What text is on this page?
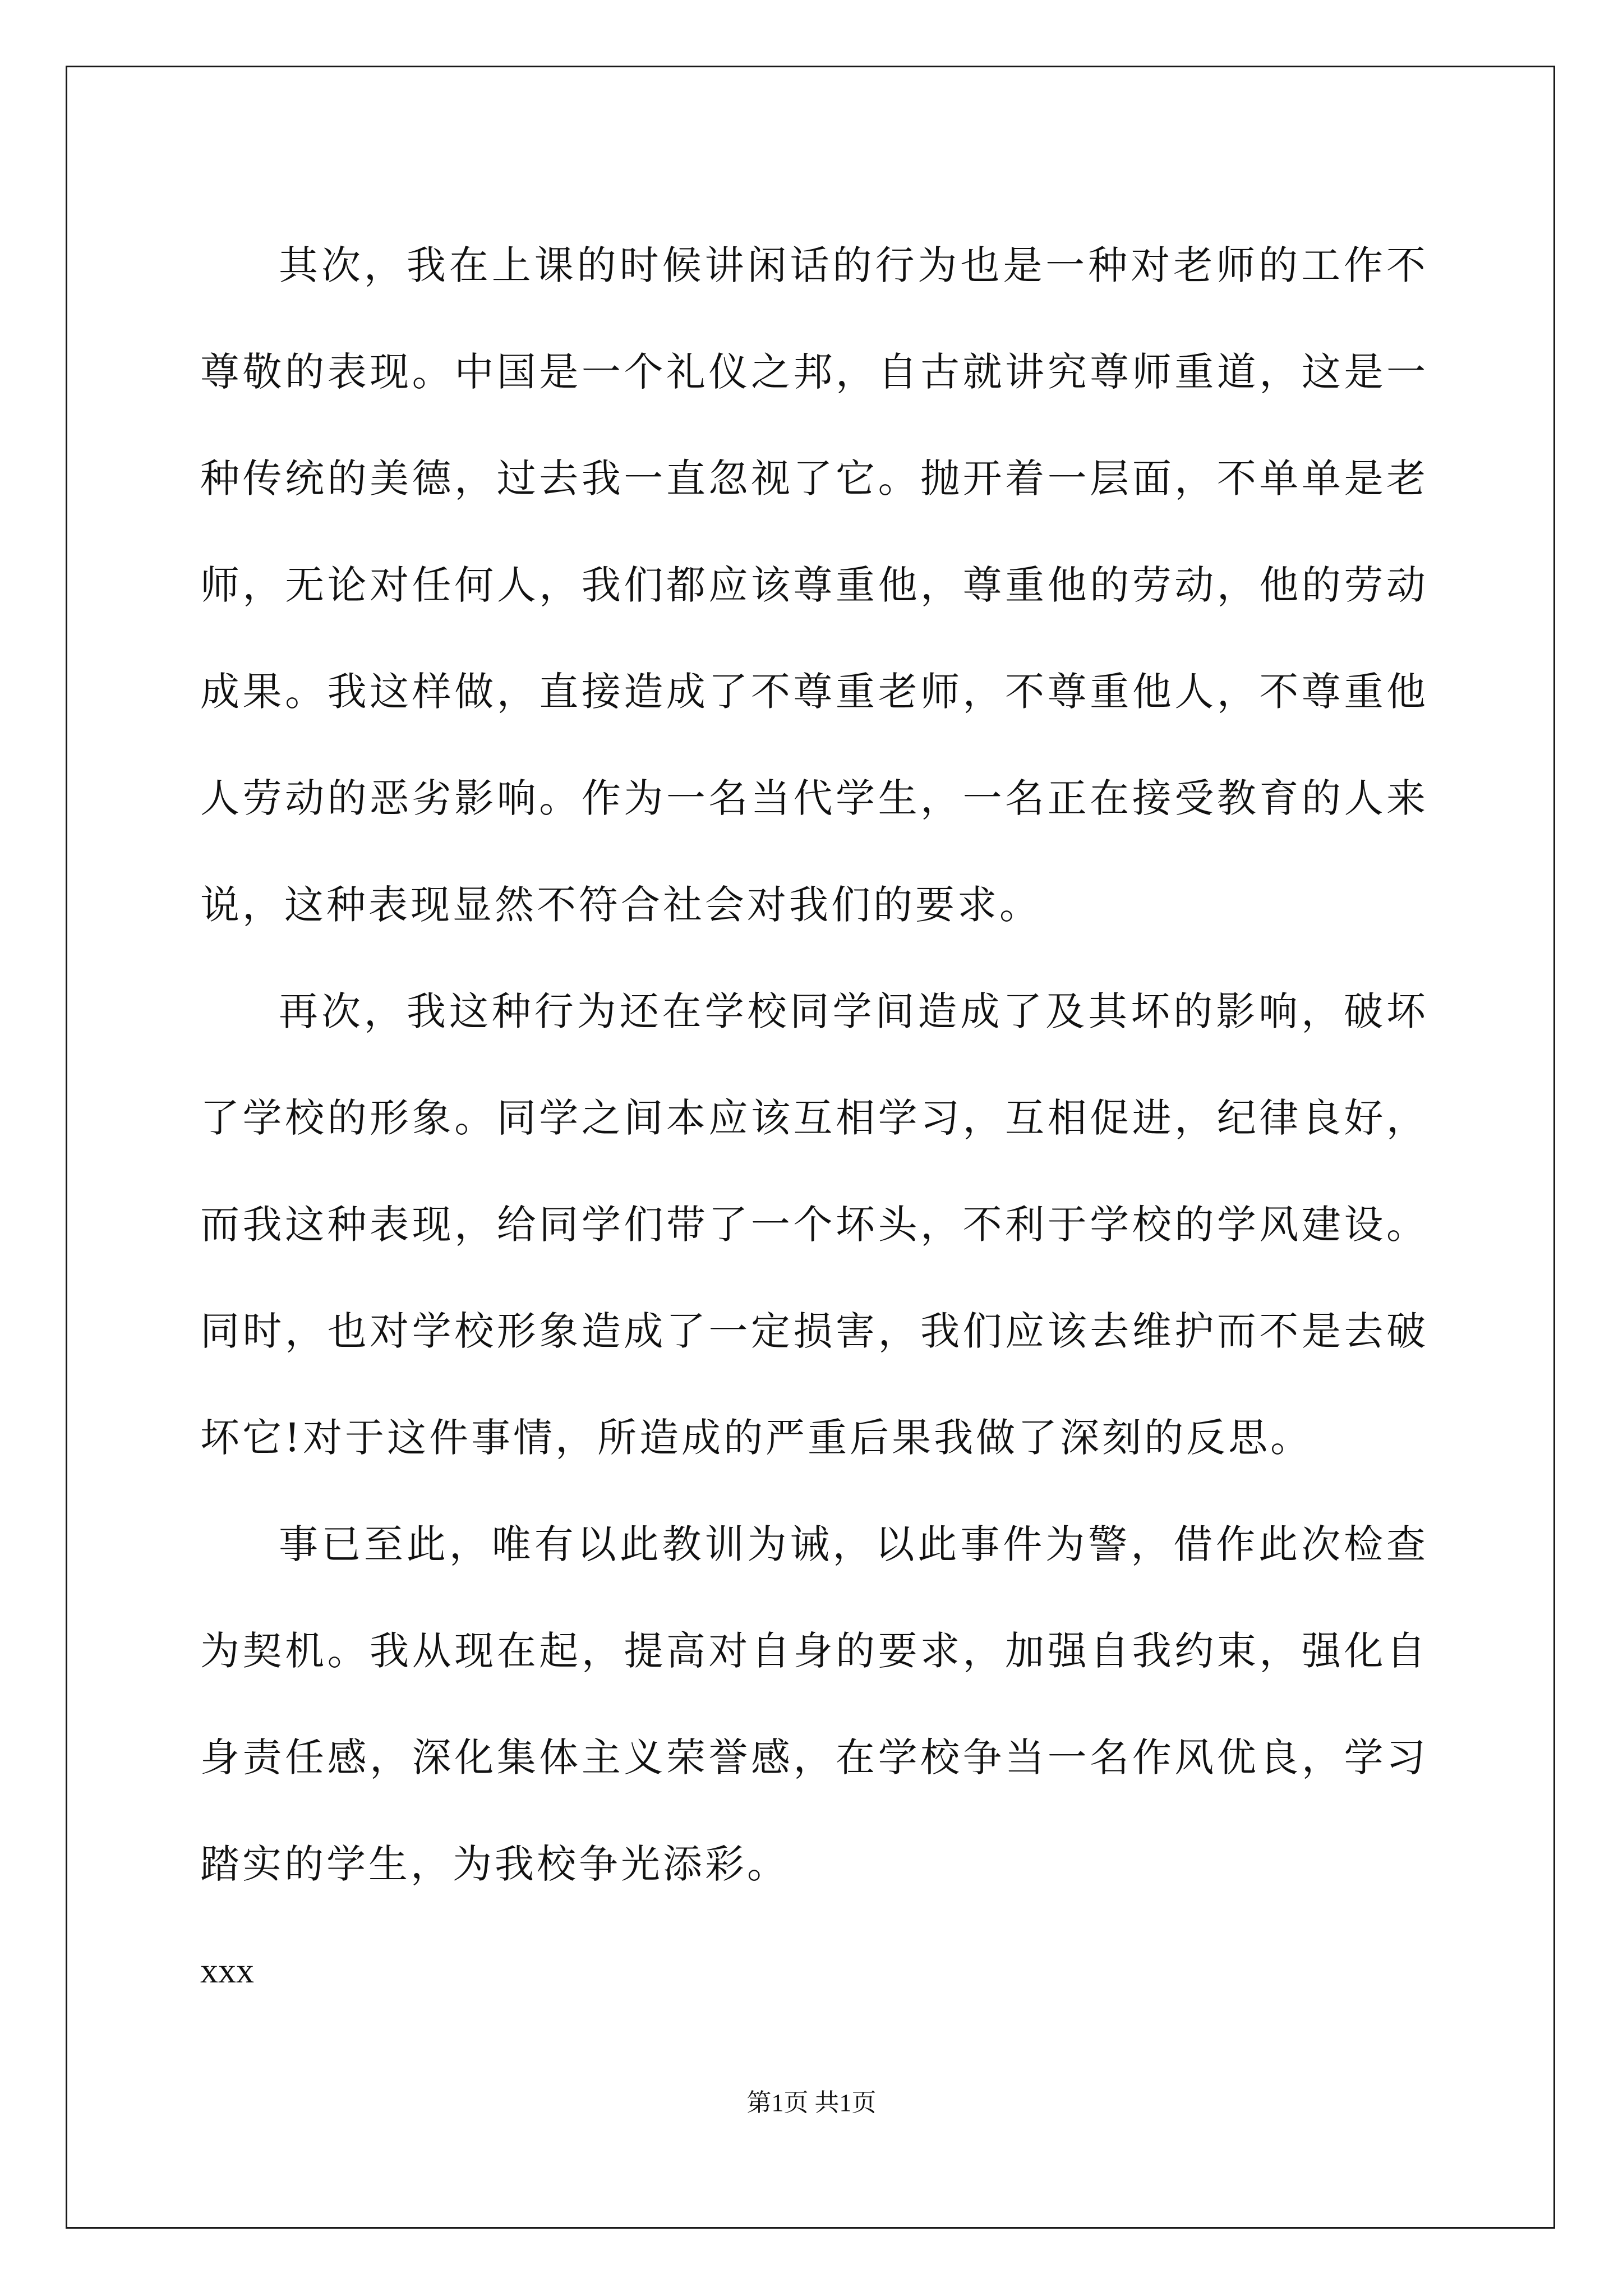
其次，我在上课的时候讲闲话的行为也是一种对老师的工作不尊敬的表现。中国是一个礼仪之邦，自古就讲究尊师重道，这是一种传统的美德，过去我一直忽视了它。抛开着一层面，不单单是老师，无论对任何人，我们都应该尊重他，尊重他的劳动，他的劳动成果。我这样做，直接造成了不尊重老师，不尊重他人，不尊重他人劳动的恶劣影响。作为一名当代学生，一名正在接受教育的人来说，这种表现显然不符合社会对我们的要求。

再次，我这种行为还在学校同学间造成了及其坏的影响，破坏了学校的形象。同学之间本应该互相学习，互相促进，纪律良好，而我这种表现，给同学们带了一个坏头，不利于学校的学风建设。同时，也对学校形象造成了一定损害，我们应该去维护而不是去破坏它!对于这件事情，所造成的严重后果我做了深刻的反思。

事已至此，唯有以此教训为诫，以此事件为警，借作此次检查为契机。我从现在起，提高对自身的要求，加强自我约束，强化自身责任感，深化集体主义荣誉感，在学校争当一名作风优良，学习踏实的学生，为我校争光添彩。

xxx

第1页 共1页
